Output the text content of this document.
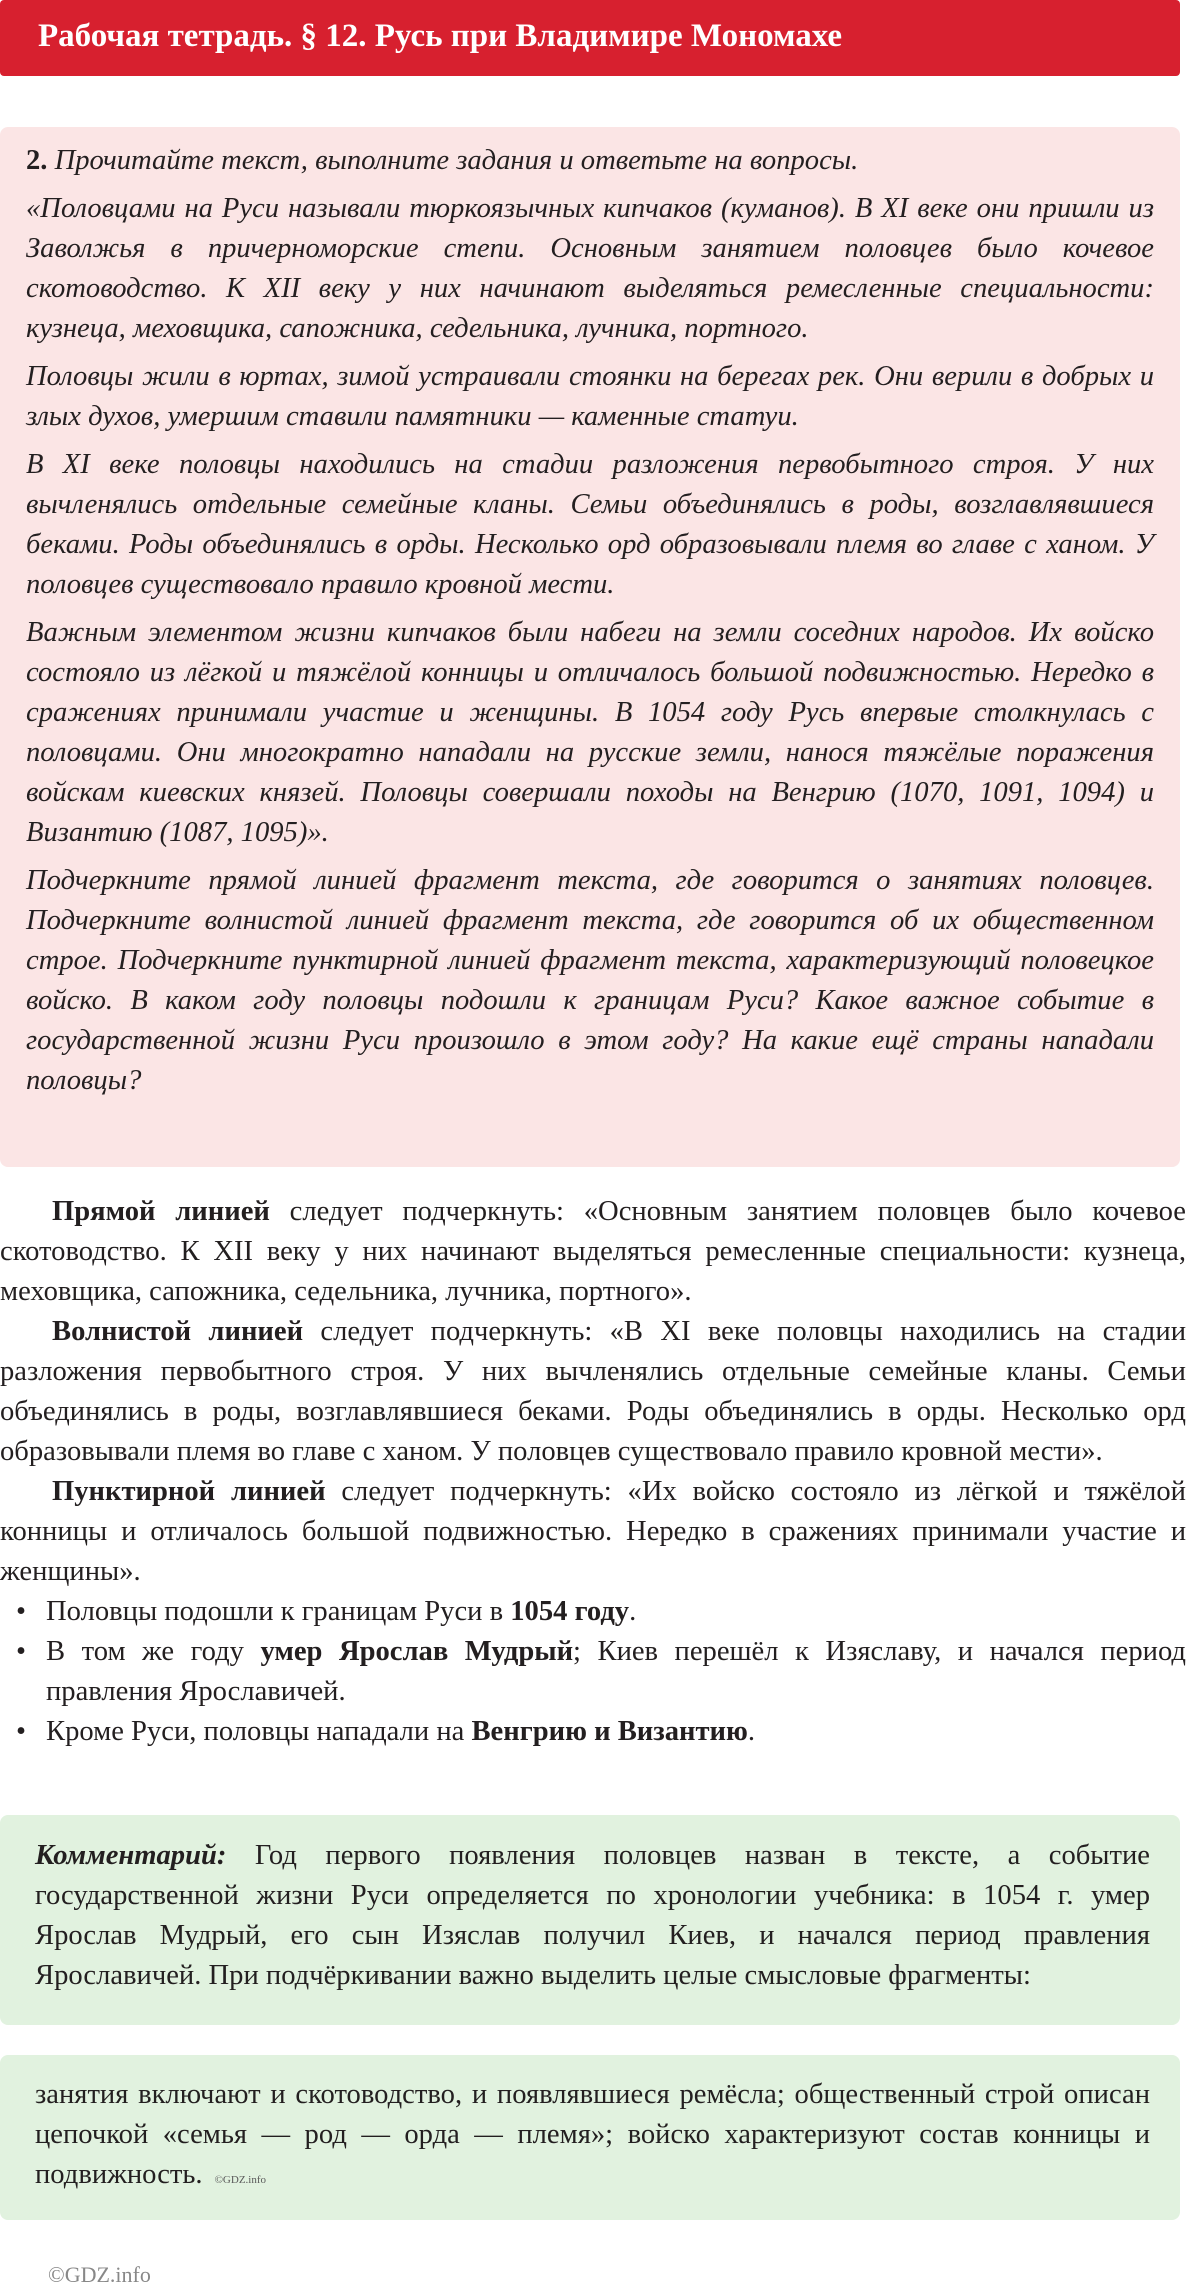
Рабочая тетрадь. § 12. Русь при Владимире Мономахе

2. Прочитайте текст, выполните задания и ответьте на вопросы.

«Половцами на Руси называли тюркоязычных кипчаков (куманов). В XI веке они пришли из Заволжья в причерноморские степи. Основным занятием половцев было кочевое скотоводство. К XII веку у них начинают выделяться ремесленные специальности: кузнеца, меховщика, сапожника, седельника, лучника, портного.

Половцы жили в юртах, зимой устраивали стоянки на берегах рек. Они верили в добрых и злых духов, умершим ставили памятники — каменные статуи.

В XI веке половцы находились на стадии разложения первобытного строя. У них вычленялись отдельные семейные кланы. Семьи объединялись в роды, возглавлявшиеся беками. Роды объединялись в орды. Несколько орд образовывали племя во главе с ханом. У половцев существовало правило кровной мести.

Важным элементом жизни кипчаков были набеги на земли соседних народов. Их войско состояло из лёгкой и тяжёлой конницы и отличалось большой подвижностью. Нередко в сражениях принимали участие и женщины. В 1054 году Русь впервые столкнулась с половцами. Они многократно нападали на русские земли, нанося тяжёлые поражения войскам киевских князей. Половцы совершали походы на Венгрию (1070, 1091, 1094) и Византию (1087, 1095)».

Подчеркните прямой линией фрагмент текста, где говорится о занятиях половцев. Подчеркните волнистой линией фрагмент текста, где говорится об их общественном строе. Подчеркните пунктирной линией фрагмент текста, характеризующий половецкое войско. В каком году половцы подошли к границам Руси? Какое важное событие в государственной жизни Руси произошло в этом году? На какие ещё страны нападали половцы?

Прямой линией следует подчеркнуть: «Основным занятием половцев было кочевое скотоводство. К XII веку у них начинают выделяться ремесленные специальности: кузнеца, меховщика, сапожника, седельника, лучника, портного».

Волнистой линией следует подчеркнуть: «В XI веке половцы находились на стадии разложения первобытного строя. У них вычленялись отдельные семейные кланы. Семьи объединялись в роды, возглавлявшиеся беками. Роды объединялись в орды. Несколько орд образовывали племя во главе с ханом. У половцев существовало правило кровной мести».

Пунктирной линией следует подчеркнуть: «Их войско состояло из лёгкой и тяжёлой конницы и отличалось большой подвижностью. Нередко в сражениях принимали участие и женщины».

• Половцы подошли к границам Руси в 1054 году.
• В том же году умер Ярослав Мудрый; Киев перешёл к Изяславу, и начался период правления Ярославичей.
• Кроме Руси, половцы нападали на Венгрию и Византию.
Комментарий: Год первого появления половцев назван в тексте, а событие государственной жизни Руси определяется по хронологии учебника: в 1054 г. умер Ярослав Мудрый, его сын Изяслав получил Киев, и начался период правления Ярославичей. При подчёркивании важно выделить целые смысловые фрагменты:
занятия включают и скотоводство, и появлявшиеся ремёсла; общественный строй описан цепочкой «семья — род — орда — племя»; войско характеризуют состав конницы и подвижность. ©GDZ.info
©GDZ.info
